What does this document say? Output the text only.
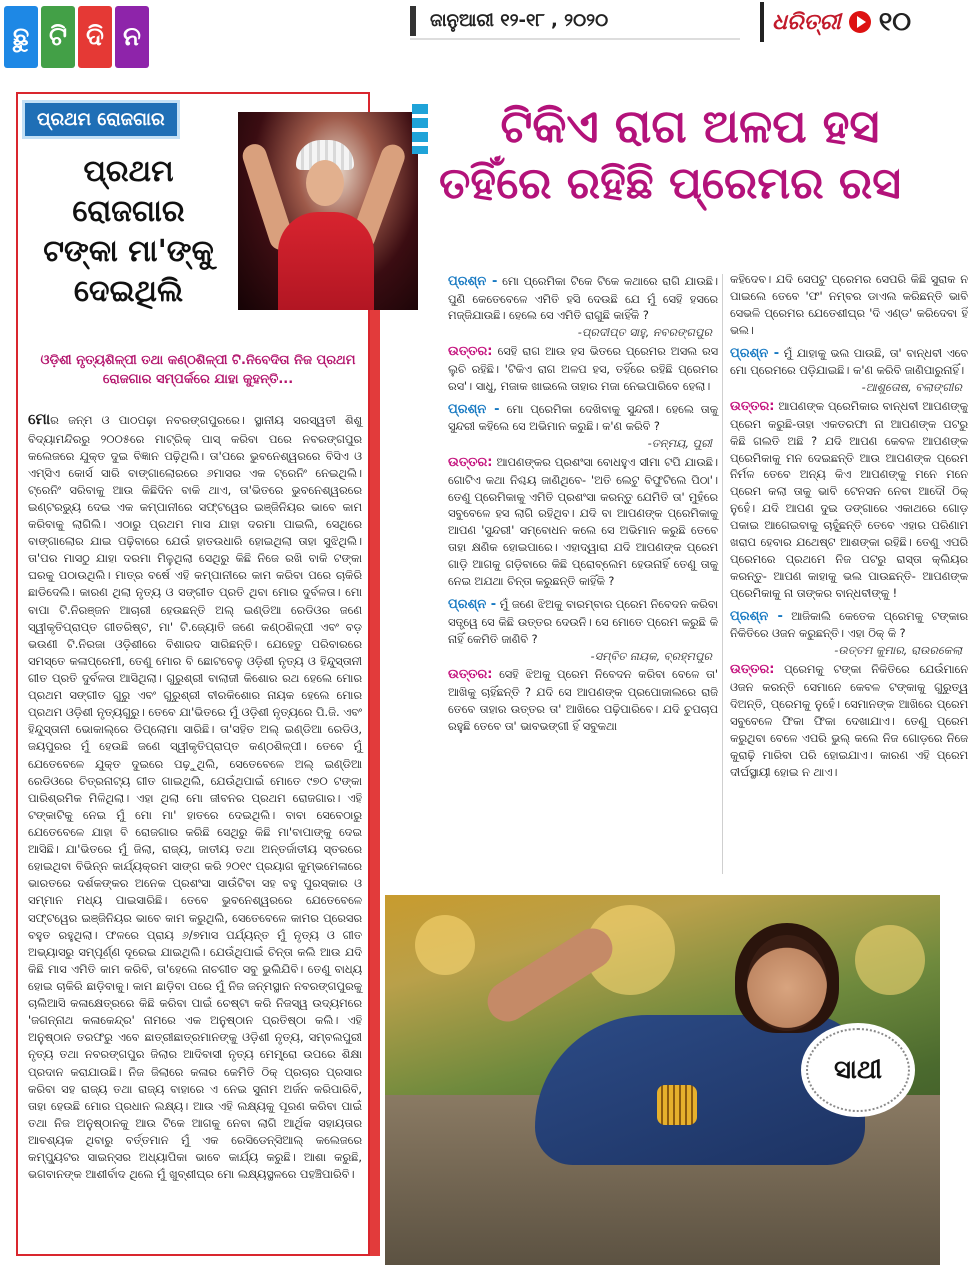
ଛୁ ଟି ଦି ନ
ଜାନୁଆରୀ ୧୨-୧୮ , ୨୦୨୦	ଧରିତ୍ରୀ ୧୦
ପ୍ରଥମ ରୋଜଗାର
ପ୍ରଥମ
ରୋଜଗାର
ଟଙ୍କା ମା'ଙ୍କୁ
ଦେଇଥିଲି
ଓଡ଼ିଶୀ ନୃତ୍ୟଶିଳ୍ପୀ ତଥା କଣ୍ଠଶିଳ୍ପୀ ଟି.ନିବେଦିତା ନିଜ ପ୍ରଥମ ରୋଜଗାର ସମ୍ପର୍କରେ ଯାହା କୁହନ୍ତି...
ମୋର ଜନ୍ମ ଓ ପାଠପଢ଼ା ନବରଙ୍ଗପୁରରେ। ସ୍ଥାନୀୟ ସରସ୍ୱତୀ ଶିଶୁ ବିଦ୍ୟାମନ୍ଦିରରୁ ୨୦୦୫ରେ ମାଟ୍ରିକ୍ ପାସ୍ କରିବା ପରେ ନବରଙ୍ଗପୁର କଲେଜରେ ଯୁକ୍ତ ଦୁଇ ବିଜ୍ଞାନ ପଢ଼ିଥିଲି। ତା'ପରେ ଭୁବନେଶ୍ୱରରେ ବିସିଏ ଓ ଏମ୍‌ସିଏ କୋର୍ସ ସାରି ବାଙ୍ଗାଲୋରରେ ୬ମାସର ଏକ ଟ୍ରେନିଂ ନେଇଥିଲି। ଟ୍ରେନିଂ ସରିବାକୁ ଆଉ କିଛିଦିନ ବାକି ଥାଏ, ତା'ଭିତରେ ଭୁବନେଶ୍ୱରରେ ଇଣ୍ଟରଭ୍ୟୁ ଦେଇ ଏକ କମ୍ପାନୀରେ ସଫ୍ଟୱେର ଇଞ୍ଜିନିୟର ଭାବେ କାମ କରିବାକୁ ଲାଗିଲି। ଏଠାରୁ ପ୍ରଥମ ମାସ ଯାହା ଦରମା ପାଇଲି, ସେଥିରେ ବାଙ୍ଗାଲୋର ଯାଇ ପଢ଼ିବାରେ ଯେଉଁ ହାତଉଧାରି ହୋଇଥିଲା ତାହା ସୁଝିଥିଲି। ତା'ପର ମାସଠୁ ଯାହା ଦରମା ମିଳୁଥିଲା ସେଥିରୁ କିଛି ନିଜେ ରଖି ବାକି ଟଙ୍କା ଘରକୁ ପଠାଉଥିଲି। ମାତ୍ର ବର୍ଷେ ଏହି କମ୍ପାନୀରେ କାମ କରିବା ପରେ ଚାକିରି ଛାଡିଦେଲି। କାରଣ ଥିଲା ନୃତ୍ୟ ଓ ସଙ୍ଗୀତ ପ୍ରତି ଥିବା ମୋର ଦୁର୍ବଳତା। ମୋ ବାପା ଟି.ନିରଞ୍ଜନ ଆଚାରୀ ହେଉଛନ୍ତି ଅଲ୍ ଇଣ୍ଡିଆ ରେଡିଓର ଜଣେ ସ୍ୱୀକୃତିପ୍ରାପ୍ତ ଗୀତରିଷ୍ଟ, ମା' ଟି.ଜ୍ୟୋତି ଜଣେ କଣ୍ଠଶିଳ୍ପୀ ଏବଂ ବଡ଼ ଭଉଣୀ ଟି.ନିରଜା ଓଡ଼ିଶୀରେ ବିଶାରଦ ସାରିଛନ୍ତି। ଯେହେତୁ ପରିବାରରେ ସମସ୍ତେ କଳାପ୍ରେମୀ, ତେଣୁ ମୋର ବି ଛୋଟବେଳୁ ଓଡ଼ିଶୀ ନୃତ୍ୟ ଓ ହିନ୍ଦୁସ୍ତାନୀ ଗୀତ ପ୍ରତି ଦୁର୍ବଳତା ଆସିଥିଲା। ଗୁରୁଶ୍ରୀ ବାଲାଜୀ କିଶୋର ରଥ ହେଲେ ମୋର ପ୍ରଥମ ସଙ୍ଗୀତ ଗୁରୁ ଏବଂ ଗୁରୁଶ୍ରୀ ବୀରକିଶୋର ନାୟକ ହେଲେ ମୋର ପ୍ରଥମ ଓଡ଼ିଶୀ ନୃତ୍ୟଗୁରୁ। ତେବେ ଯା'ଭିତରେ ମୁଁ ଓଡ଼ିଶୀ ନୃତ୍ୟରେ ପି.ଜି. ଏବଂ ହିନ୍ଦୁସ୍ତାନୀ ଭୋକାଲ୍‌ରେ ଡିପ୍ଲୋମା ସାରିଛି। ତା'ସହିତ ଅଲ୍ ଇଣ୍ଡିଆ ରେଡିଓ, ଜୟପୁରର ମୁଁ ହେଉଛି ଜଣେ ସ୍ୱୀକୃତିପ୍ରାପ୍ତ କଣ୍ଠଶିଳ୍ପୀ। ତେବେ ମୁଁ ଯେତେବେଳେ ଯୁକ୍ତ ଦୁଇରେ ପଢ଼ୁଥିଲି, ସେତେବେଳେ ଅଲ୍ ଇଣ୍ଡିଆ ରେଡିଓରେ ଚିତ୍ରନାଟ୍ୟ ଗୀତ ଗାଇଥିଲି, ଯେଉଁଥିପାଇଁ ମୋତେ ୯୭୦ ଟଙ୍କା ପାରିଶ୍ରମିକ ମିଳିଥିଲା। ଏହା ଥିଲା ମୋ ଜୀବନର ପ୍ରଥମ ରୋଜଗାର। ଏହି ଟଙ୍କାଟିକୁ ନେଇ ମୁଁ ମୋ ମା' ହାତରେ ଦେଇଥିଲି। ବାବା ସେବେଠାରୁ ଯେତେବେଳେ ଯାହା ବି ରୋଜଗାର କରିଛି ସେଥିରୁ କିଛି ମା'ବାପାଙ୍କୁ ଦେଇ ଆସିଛି। ଯା'ଭିତରେ ମୁଁ ଜିଲା, ରାଜ୍ୟ, ଜାତୀୟ ତଥା ଅନ୍ତର୍ଜାତୀୟ ସ୍ତରରେ ହୋଇଥିବା ବିଭିନ୍ନ କାର୍ଯ୍ୟକ୍ରମ ସାଙ୍ଗ କରି ୨୦୧୯ ପ୍ରୟାଗ କୁମ୍ଭମେଳାରେ ଭାରତରେ ଦର୍ଶକଙ୍କର ଅନେକ ପ୍ରଶଂସା ସାଉଁଟିବା ସହ ବହୁ ପୁରସ୍କାର ଓ ସମ୍ମାନ ମଧ୍ୟ ପାଇସାରିଛି। ତେବେ ଭୁବନେଶ୍ୱରରେ ଯେତେବେଳେ ସଫ୍ଟୱେର ଇଞ୍ଜିନିୟର ଭାବେ କାମ କରୁଥିଲି, ସେତେବେଳେ କାମର ପ୍ରେସର ବହୁତ ରହୁଥିଲା। ଫଳରେ ପ୍ରାୟ ୬/୭ମାସ ପର୍ଯ୍ୟନ୍ତ ମୁଁ ନୃତ୍ୟ ଓ ଗୀତ ଅଭ୍ୟାସରୁ ସମ୍ପୂର୍ଣ୍ଣ ଦୂରେଇ ଯାଇଥିଲି। ଯେଉଁଥିପାଇଁ ଚିନ୍ତା କଲି ଆଉ ଯଦି କିଛି ମାସ ଏମିତି କାମ କରିବି, ତା'ହେଲେ ନାଚଗୀତ ସବୁ ଭୁଲିଯିବି। ତେଣୁ ବାଧ୍ୟ ହୋଇ ଚାକିରି ଛାଡ଼ିବାକୁ। କାମ ଛାଡ଼ିବା ପରେ ମୁଁ ନିଜ ଜନ୍ମସ୍ଥାନ ନବରଙ୍ଗପୁରକୁ ଚାଲିଆସି କଳାକ୍ଷେତ୍ରରେ କିଛି କରିବା ପାଇଁ ଚେଷ୍ଟା କରି ନିଜସ୍ୱ ଉଦ୍ୟମରେ 'ଜଗନ୍ନାଥ କଳାକେନ୍ଦ୍ର' ନାମରେ ଏକ ଅନୁଷ୍ଠାନ ପ୍ରତିଷ୍ଠା କଲି। ଏହି ଅନୁଷ୍ଠାନ ତରଫରୁ ଏବେ ଛାତ୍ରୀଛାତ୍ରମାନଙ୍କୁ ଓଡ଼ିଶୀ ନୃତ୍ୟ, ସମ୍ବଲପୁରୀ ନୃତ୍ୟ ତଥା ନବରଙ୍ଗପୁର ଜିଲାର ଆଦିବାସୀ ନୃତ୍ୟ ମେମ୍ବ୍ରୋ ଉପରେ ଶିକ୍ଷା ପ୍ରଦାନ କରାଯାଉଛି। ନିଜ ଜିଲାରେ କଳାର କେମିତି ଠିକ୍ ପ୍ରଚାର ପ୍ରସାର କରିବା ସହ ରାଜ୍ୟ ତଥା ରାଜ୍ୟ ବାହାରେ ଏ ନେଇ ସୁନାମ ଅର୍ଜନ କରିପାରିବି, ତାହା ହେଉଛି ମୋର ପ୍ରଧାନ ଲକ୍ଷ୍ୟ। ଆଉ ଏହି ଲକ୍ଷ୍ୟକୁ ପୂରଣ କରିବା ପାଇଁ ତଥା ନିଜ ଅନୁଷ୍ଠାନକୁ ଆଉ ଟିକେ ଆଗକୁ ନେବା ଲାଗି ଆର୍ଥିକ ସହାୟତାର ଆବଶ୍ୟକ ଥିବାରୁ ବର୍ତ୍ତମାନ ମୁଁ ଏକ ରେସିଡେନ୍ସିଆଲ୍ କଲେଜରେ କମ୍ପ୍ୟୁଟର ସାଇନ୍ସର ଅଧ୍ୟାପିକା ଭାବେ କାର୍ଯ୍ୟ କରୁଛି। ଆଶା କରୁଛି, ଭଗବାନଙ୍କ ଆଶୀର୍ବାଦ ଥିଲେ ମୁଁ ଖୁବ୍‌ଶୀଘ୍ର ମୋ ଲକ୍ଷ୍ୟସ୍ଥଳରେ ପହଞ୍ଚିପାରିବି।
ଟିକିଏ ରାଗ ଅଳପ ହସ
ତହିଁରେ ରହିଛି ପ୍ରେମର ରସ
ପ୍ରଶ୍ନ - ମୋ ପ୍ରେମିକା ଟିକେ ଟିକେ କଥାରେ ରାଗି ଯାଉଛି। ପୁଣି କେତେବେଳେ ଏମିତି ହସି ଦେଉଛି ଯେ ମୁଁ ସେହି ହସରେ ମଜ୍ଜିଯାଉଛି। ହେଲେ ସେ ଏମିତି ରାଗୁଛି କାହିଁକି ?
-ପ୍ରଦୀପ୍ତ ସାହୁ, ନବରଙ୍ଗପୁର
ଉତ୍ତର: ସେହି ରାଗ ଆଉ ହସ ଭିତରେ ପ୍ରେମର ଅସଲ ରସ ଲୁଚି ରହିଛି। 'ଟିକିଏ ରାଗ ଅଳପ ହସ, ତହିଁରେ ରହିଛି ପ୍ରେମର ରସ'। ସାଧୁ, ମଜାକ ଖାଇଲେ ତାହାର ମଜା ନେଇପାରିବେ ହେଲା।
ପ୍ରଶ୍ନ - ମୋ ପ୍ରେମିକା ଦେଖିବାକୁ ସୁନ୍ଦରୀ। ହେଲେ ତାକୁ ସୁନ୍ଦରୀ କହିଲେ ସେ ଅଭିମାନ କରୁଛି। କ'ଣ କରିବି ?
-ତନ୍ମୟ, ପୁରୀ
ଉତ୍ତର: ଆପଣଙ୍କର ପ୍ରଶଂସା ବୋଧହୁଏ ସୀମା ଟପି ଯାଉଛି। ଗୋଟିଏ କଥା ନିଶ୍ଚୟ ଜାଣିଥିବେ- 'ଅତି ଲେଟୁ ବିଫୁଟିଲେ ପିଠା'। ତେଣୁ ପ୍ରେମିକାକୁ ଏମିତି ପ୍ରଶଂସା କରନ୍ତୁ ଯେମିତି ତା' ମୁହଁରେ ସବୁବେଳେ ହସ ଲାଗି ରହିଥିବ। ଯଦି ବା ଆପଣଙ୍କ ପ୍ରେମିକାକୁ ଆପଣ 'ସୁନ୍ଦରୀ' ସମ୍ବୋଧନ କଲେ ସେ ଅଭିମାନ କରୁଛି ତେବେ ତାହା କ୍ଷଣିକ ହୋଇପାରେ। ଏହାଦ୍ୱାରା ଯଦି ଆପଣଙ୍କ ପ୍ରେମ ଗାଡ଼ି ଆଗକୁ ଗଡ଼ିବାରେ କିଛି ପ୍ରୋବ୍ଲେମ ହେଉନାହିଁ ତେଣୁ ତାକୁ ନେଇ ଅଯଥା ଚିନ୍ତା କରୁଛନ୍ତି କାହିଁକି ?
ପ୍ରଶ୍ନ - ମୁଁ ଜଣେ ଝିଅକୁ ବାରମ୍ବାର ପ୍ରେମ ନିବେଦନ କରିବା ସତ୍ତ୍ୱେ ସେ କିଛି ଉତ୍ତର ଦେଉନି। ସେ ମୋତେ ପ୍ରେମ କରୁଛି କି ନାହିଁ କେମିତି ଜାଣିବି ?
-ସମ୍ବିତ ନାୟକ, ବ୍ରହ୍ମପୁର
ଉତ୍ତର: ସେହି ଝିଅକୁ ପ୍ରେମ ନିବେଦନ କରିବା ବେଳେ ତା' ଆଖିକୁ ଚାହିଁଛନ୍ତି ? ଯଦି ସେ ଆପଣଙ୍କ ପ୍ରପୋଜାଲରେ ରାଜି ତେବେ ତାହାର ଉତ୍ତର ତା' ଆଖିରେ ପଢ଼ିପାରିବେ। ଯଦି ଚୁପଚାପ ରହୁଛି ତେବେ ତା' ଭାବଭଙ୍ଗୀ ହିଁ ସବୁକଥା
କହିଦେବ। ଯଦି ସେପଟୁ ପ୍ରେମର ସେପରି କିଛି ସୁରାକ ନ ପାଇଲେ ତେବେ 'ଫ' ନମ୍ବର ଡାଏଲ କରିଛନ୍ତି ଭାବି ସେଭଳି ପ୍ରେମର ଯେତେଶୀଘ୍ର 'ଦି ଏଣ୍ଡ' କରିଦେବା ହିଁ ଭଲ।
ପ୍ରଶ୍ନ - ମୁଁ ଯାହାକୁ ଭଲ ପାଉଛି, ତା' ବାନ୍ଧବୀ ଏବେ ମୋ ପ୍ରେମରେ ପଡ଼ିଯାଇଛି। କ'ଣ କରିବି ଜାଣିପାରୁନାହିଁ।
-ଆଶୁତୋଷ, ବଲାଙ୍ଗୀର
ଉତ୍ତର: ଆପଣଙ୍କ ପ୍ରେମିକାର ବାନ୍ଧବୀ ଆପଣଙ୍କୁ ପ୍ରେମ କରୁଛି-ତାହା ଏକତରଫା ନା ଆପଣଙ୍କ ପଟରୁ କିଛି ଗଲତି ଅଛି ? ଯଦି ଆପଣ କେବଳ ଆପଣଙ୍କ ପ୍ରେମିକାକୁ ମନ ଦେଇଛନ୍ତି ଆଉ ଆପଣଙ୍କ ପ୍ରେମ ନିର୍ମଳ ତେବେ ଅନ୍ୟ କିଏ ଆପଣଙ୍କୁ ମନେ ମନେ ପ୍ରେମ କଲା ତାକୁ ଭାବି ଟେନସନ ନେବା ଆଦୌ ଠିକ୍ ନୁହେଁ। ଯଦି ଆପଣ ଦୁଇ ଡଙ୍ଗାରେ ଏକାଥରେ ଗୋଡ଼ ପକାଇ ଆଗେଇବାକୁ ଚାହୁଁଛନ୍ତି ତେବେ ଏହାର ପରିଣାମ ଖରାପ ହେବାର ଯଥେଷ୍ଟ ଆଶଙ୍କା ରହିଛି। ତେଣୁ ଏପରି ପ୍ରେମରେ ପ୍ରଥମେ ନିଜ ପଟରୁ ରାସ୍ତା କ୍ଲିୟର କରନ୍ତୁ- ଆପଣ କାହାକୁ ଭଲ ପାଉଛନ୍ତି- ଆପଣଙ୍କ ପ୍ରେମିକାକୁ ନା ତାଙ୍କର ବାନ୍ଧବୀଙ୍କୁ !
ପ୍ରଶ୍ନ - ଆଜିକାଲି କେତେକ ପ୍ରେମକୁ ଟଙ୍କାର ନିକିତିରେ ଓଜନ କରୁଛନ୍ତି। ଏହା ଠିକ୍ କି ?
-ଉତ୍ତମ କୁମାର, ରାଉରକେଲା
ଉତ୍ତର: ପ୍ରେମକୁ ଟଙ୍କା ନିକିତିରେ ଯେଉଁମାନେ ଓଜନ କରନ୍ତି ସେମାନେ କେବଳ ଟଙ୍କାକୁ ଗୁରୁତ୍ୱ ଦିଅନ୍ତି, ପ୍ରେମକୁ ନୁହେଁ। ସେମାନଙ୍କ ଆଖିରେ ପ୍ରେମ ସବୁବେଳେ ଫିକା ଫିକା ଦେଖାଯାଏ। ତେଣୁ ପ୍ରେମ କରୁଥିବା ବେଳେ ଏପରି ଭୁଲ୍ କଲେ ନିଜ ଗୋଡ଼ରେ ନିଜେ କୁରାଢ଼ି ମାରିବା ପରି ହୋଇଯାଏ। କାରଣ ଏହି ପ୍ରେମ ଦୀର୍ଘସ୍ଥାୟୀ ହୋଇ ନ ଥାଏ।
ସାଥୀ
